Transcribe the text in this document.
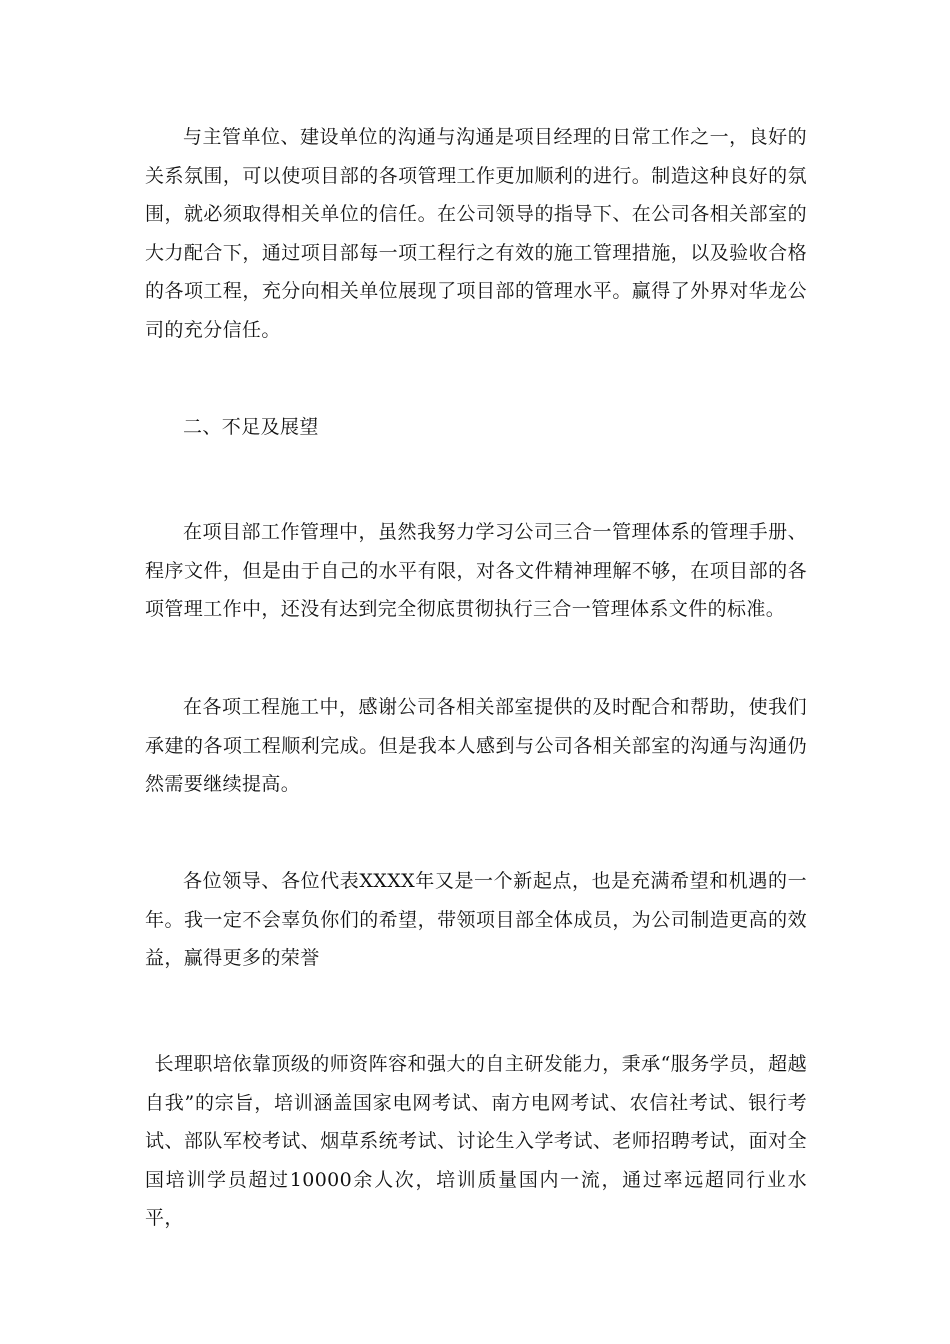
与主管单位、建设单位的沟通与沟通是项目经理的日常工作之一，良好的关系氛围，可以使项目部的各项管理工作更加顺利的进行。制造这种良好的氛围，就必须取得相关单位的信任。在公司领导的指导下、在公司各相关部室的大力配合下，通过项目部每一项工程行之有效的施工管理措施，以及验收合格的各项工程，充分向相关单位展现了项目部的管理水平。赢得了外界对华龙公司的充分信任。

二、不足及展望

在项目部工作管理中，虽然我努力学习公司三合一管理体系的管理手册、程序文件，但是由于自己的水平有限，对各文件精神理解不够，在项目部的各项管理工作中，还没有达到完全彻底贯彻执行三合一管理体系文件的标准。

在各项工程施工中，感谢公司各相关部室提供的及时配合和帮助，使我们承建的各项工程顺利完成。但是我本人感到与公司各相关部室的沟通与沟通仍然需要继续提高。

各位领导、各位代表XXXX年又是一个新起点，也是充满希望和机遇的一年。我一定不会辜负你们的希望，带领项目部全体成员，为公司制造更高的效益，赢得更多的荣誉

长理职培依靠顶级的师资阵容和强大的自主研发能力，秉承“服务学员，超越自我”的宗旨，培训涵盖国家电网考试、南方电网考试、农信社考试、银行考试、部队军校考试、烟草系统考试、讨论生入学考试、老师招聘考试，面对全国培训学员超过10000余人次，培训质量国内一流，通过率远超同行业水平，
